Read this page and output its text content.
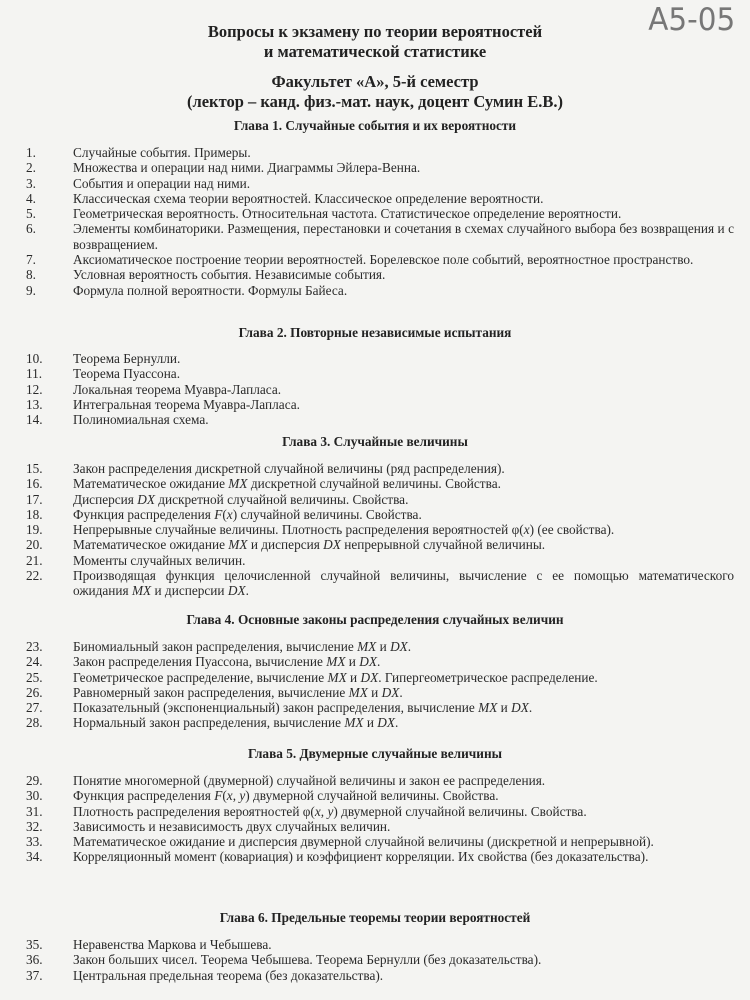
A5-05
Вопросы к экзамену по теории вероятностей
и математической статистике
Факультет «А», 5-й семестр
(лектор – канд. физ.-мат. наук, доцент Сумин Е.В.)
Глава 1. Случайные события и их вероятности
1.	Случайные события. Примеры.
2.	Множества и операции над ними. Диаграммы Эйлера-Венна.
3.	События и операции над ними.
4.	Классическая схема теории вероятностей. Классическое определение вероятности.
5.	Геометрическая вероятность. Относительная частота. Статистическое определение вероятности.
6.	Элементы комбинаторики. Размещения, перестановки и сочетания в схемах случайного выбора без возвращения и с возвращением.
7.	Аксиоматическое построение теории вероятностей. Борелевское поле событий, вероятностное пространство.
8.	Условная вероятность события. Независимые события.
9.	Формула полной вероятности. Формулы Байеса.
Глава 2. Повторные независимые испытания
10. Теорема Бернулли.
11. Теорема Пуассона.
12. Локальная теорема Муавра-Лапласа.
13. Интегральная теорема Муавра-Лапласа.
14. Полиномиальная схема.
Глава 3. Случайные величины
15. Закон распределения дискретной случайной величины (ряд распределения).
16. Математическое ожидание MX дискретной случайной величины. Свойства.
17. Дисперсия DX дискретной случайной величины. Свойства.
18. Функция распределения F(x) случайной величины. Свойства.
19. Непрерывные случайные величины. Плотность распределения вероятностей φ(x) (ее свойства).
20. Математическое ожидание MX и дисперсия DX непрерывной случайной величины.
21. Моменты случайных величин.
22. Производящая функция целочисленной случайной величины, вычисление с ее помощью математического ожидания MX и дисперсии DX.
Глава 4. Основные законы распределения случайных величин
23. Биномиальный закон распределения, вычисление MX и DX.
24. Закон распределения Пуассона, вычисление MX и DX.
25. Геометрическое распределение, вычисление MX и DX. Гипергеометрическое распределение.
26. Равномерный закон распределения, вычисление MX и DX.
27. Показательный (экспоненциальный) закон распределения, вычисление MX и DX.
28. Нормальный закон распределения, вычисление MX и DX.
Глава 5. Двумерные случайные величины
29. Понятие многомерной (двумерной) случайной величины и закон ее распределения.
30. Функция распределения F(x, y) двумерной случайной величины. Свойства.
31. Плотность распределения вероятностей φ(x, y) двумерной случайной величины. Свойства.
32. Зависимость и независимость двух случайных величин.
33. Математическое ожидание и дисперсия двумерной случайной величины (дискретной и непрерывной).
34. Корреляционный момент (ковариация) и коэффициент корреляции. Их свойства (без доказательства).
Глава 6. Предельные теоремы теории вероятностей
35. Неравенства Маркова и Чебышева.
36. Закон больших чисел. Теорема Чебышева. Теорема Бернулли (без доказательства).
37. Центральная предельная теорема (без доказательства).
